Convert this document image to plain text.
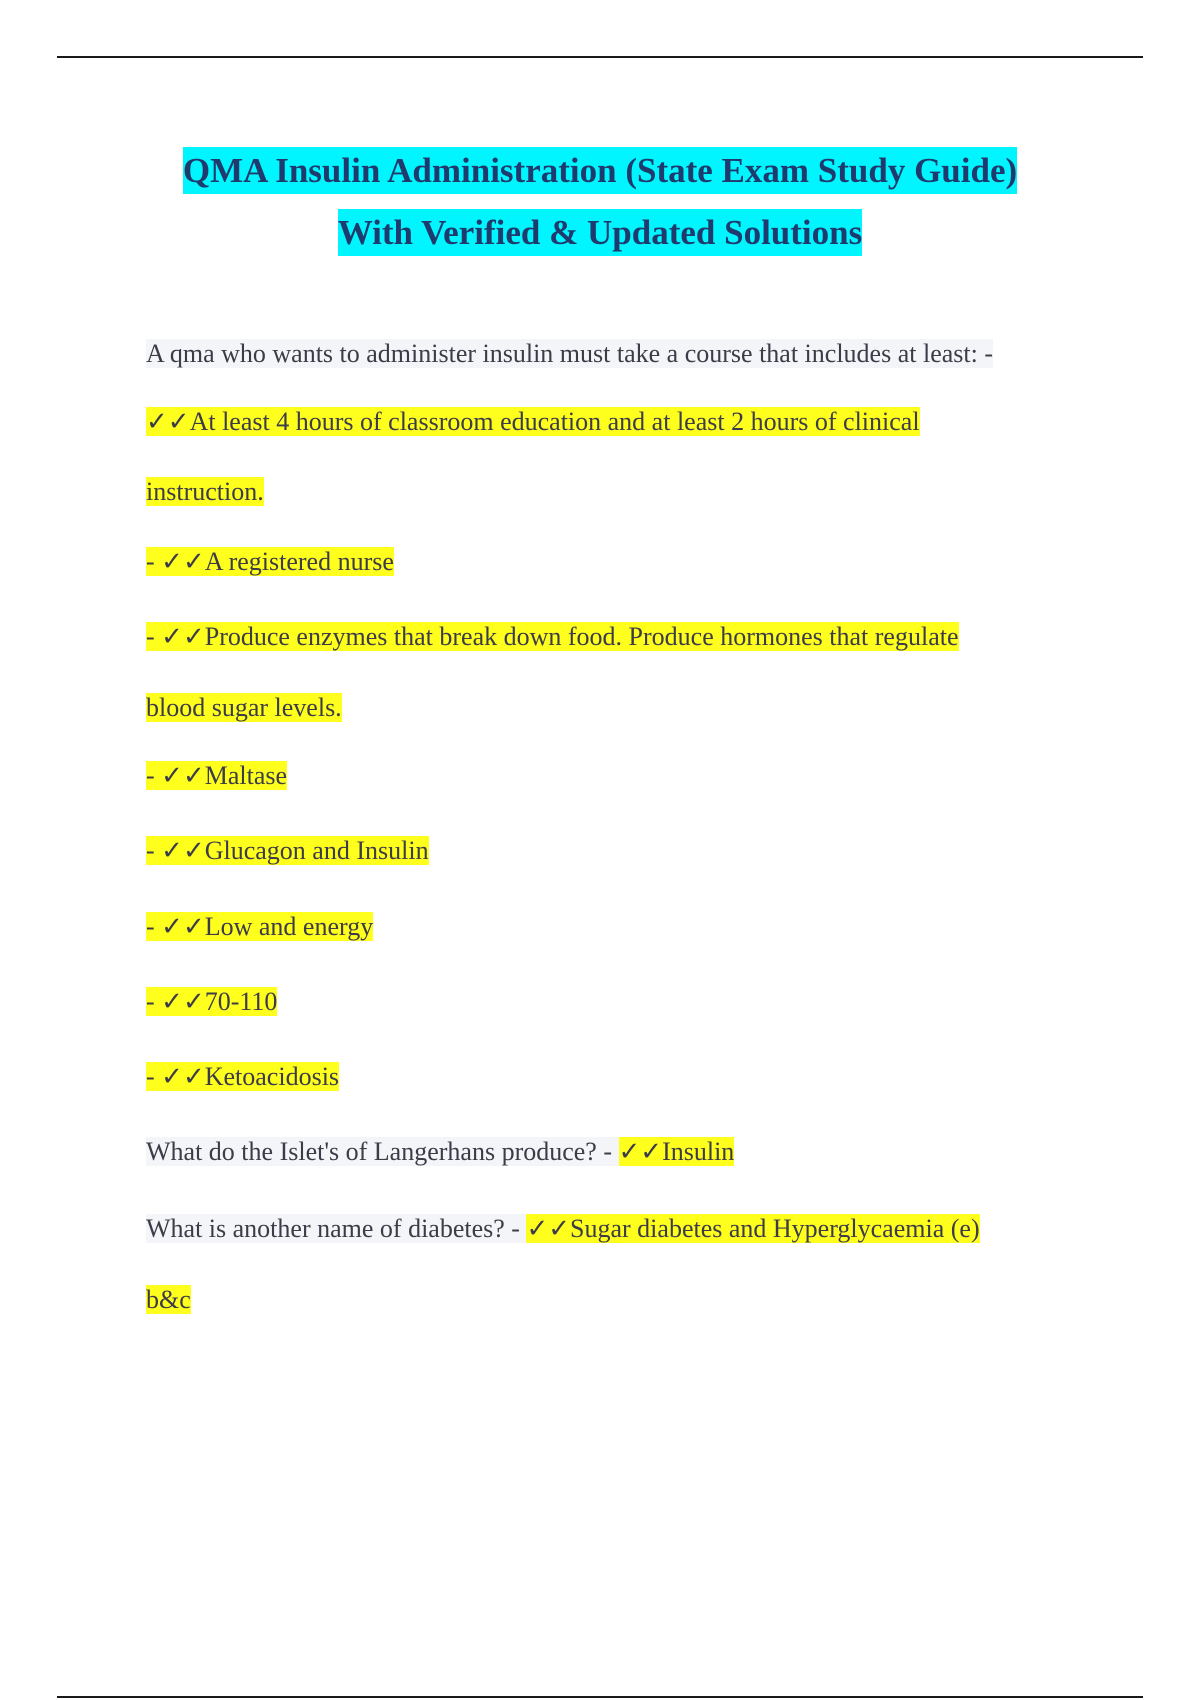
QMA Insulin Administration (State Exam Study Guide)
With Verified & Updated Solutions
A qma who wants to administer insulin must take a course that includes at least: -
✓✓At least 4 hours of classroom education and at least 2 hours of clinical
instruction.
- ✓✓A registered nurse
- ✓✓Produce enzymes that break down food. Produce hormones that regulate
blood sugar levels.
- ✓✓Maltase
- ✓✓Glucagon and Insulin
- ✓✓Low and energy
- ✓✓70-110
- ✓✓Ketoacidosis
What do the Islet's of Langerhans produce? - ✓✓Insulin
What is another name of diabetes? - ✓✓Sugar diabetes and Hyperglycaemia (e)
b&c
